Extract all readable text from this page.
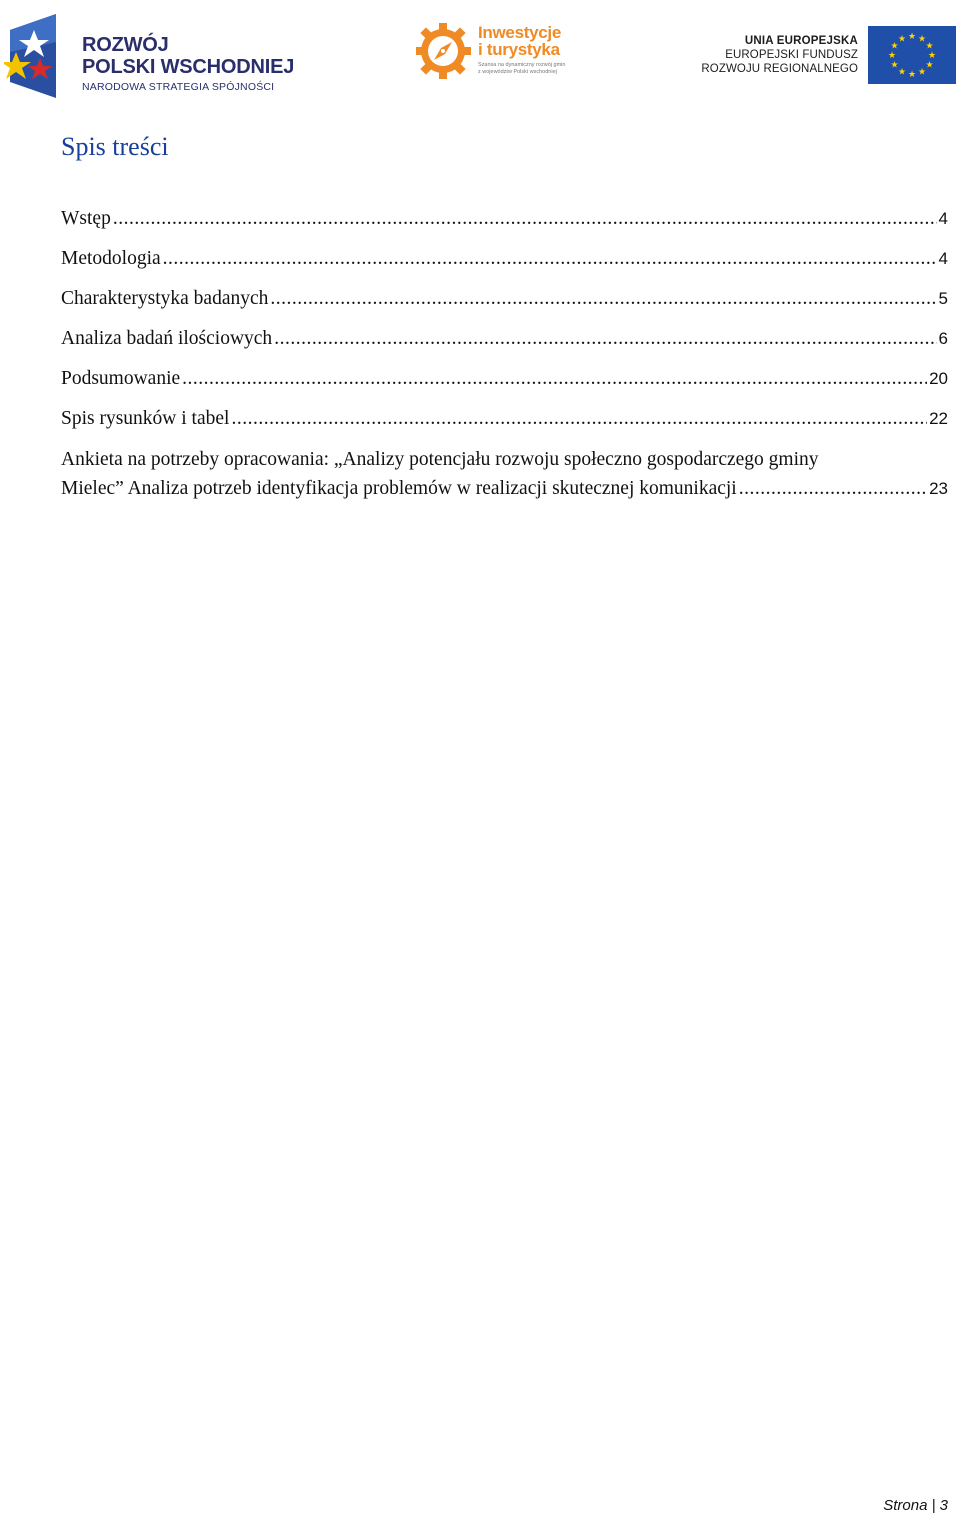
ROZWÓJ
POLSKI WSCHODNIEJ
NARODOWA STRATEGIA SPÓJNOŚCI
Inwestycje
i turystyka
Szansa na dynamiczny rozwój gmin
z województw Polski wschodniej
UNIA EUROPEJSKA
EUROPEJSKI FUNDUSZ
ROZWOJU REGIONALNEGO
★ ★
★
★
★
★
★
★
★
★
★
★
Spis treści
Wstęp .....	4
Metodologia .....	4
Charakterystyka badanych .....	5
Analiza badań ilościowych .....	6
Podsumowanie .....	20
Spis rysunków i tabel .....	22
Ankieta na potrzeby opracowania: „Analizy potencjału rozwoju społeczno gospodarczego gminy
Mielec” Analiza potrzeb identyfikacja problemów w realizacji skutecznej komunikacji .....	23
Strona | 3
